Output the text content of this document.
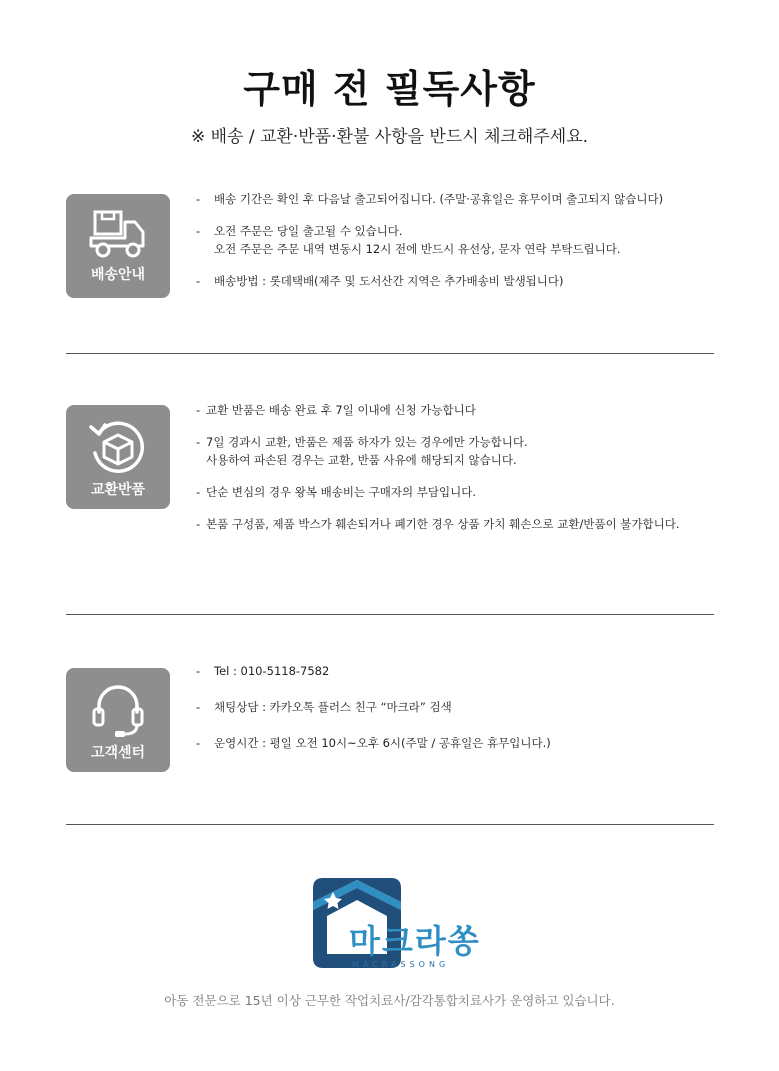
구매 전 필독사항
※ 배송 / 교환·반품·환불 사항을 반드시 체크해주세요.
배송안내
-	배송 기간은 확인 후 다음날 출고되어집니다. (주말·공휴일은 휴무이며 출고되지 않습니다)
-	오전 주문은 당일 출고될 수 있습니다.
오전 주문은 주문 내역 변동시 12시 전에 반드시 유선상, 문자 연락 부탁드립니다.
-	배송방법 : 롯데택배(제주 및 도서산간 지역은 추가배송비 발생됩니다)
교환반품
- 교환 반품은 배송 완료 후 7일 이내에 신청 가능합니다
- 7일 경과시 교환, 반품은 제품 하자가 있는 경우에만 가능합니다.
사용하여 파손된 경우는 교환, 반품 사유에 해당되지 않습니다.
- 단순 변심의 경우 왕복 배송비는 구매자의 부담입니다.
- 본품 구성품, 제품 박스가 훼손되거나 폐기한 경우 상품 가치 훼손으로 교환/반품이 불가합니다.
고객센터
-	Tel : 010-5118-7582
-	채팅상담 : 카카오톡 플러스 친구 “마크라” 검색
-	운영시간 : 평일 오전 10시~오후 6시(주말 / 공휴일은 휴무입니다.)
마크라쏭
MACRASSONG
아동 전문으로 15년 이상 근무한 작업치료사/감각통합치료사가 운영하고 있습니다.
